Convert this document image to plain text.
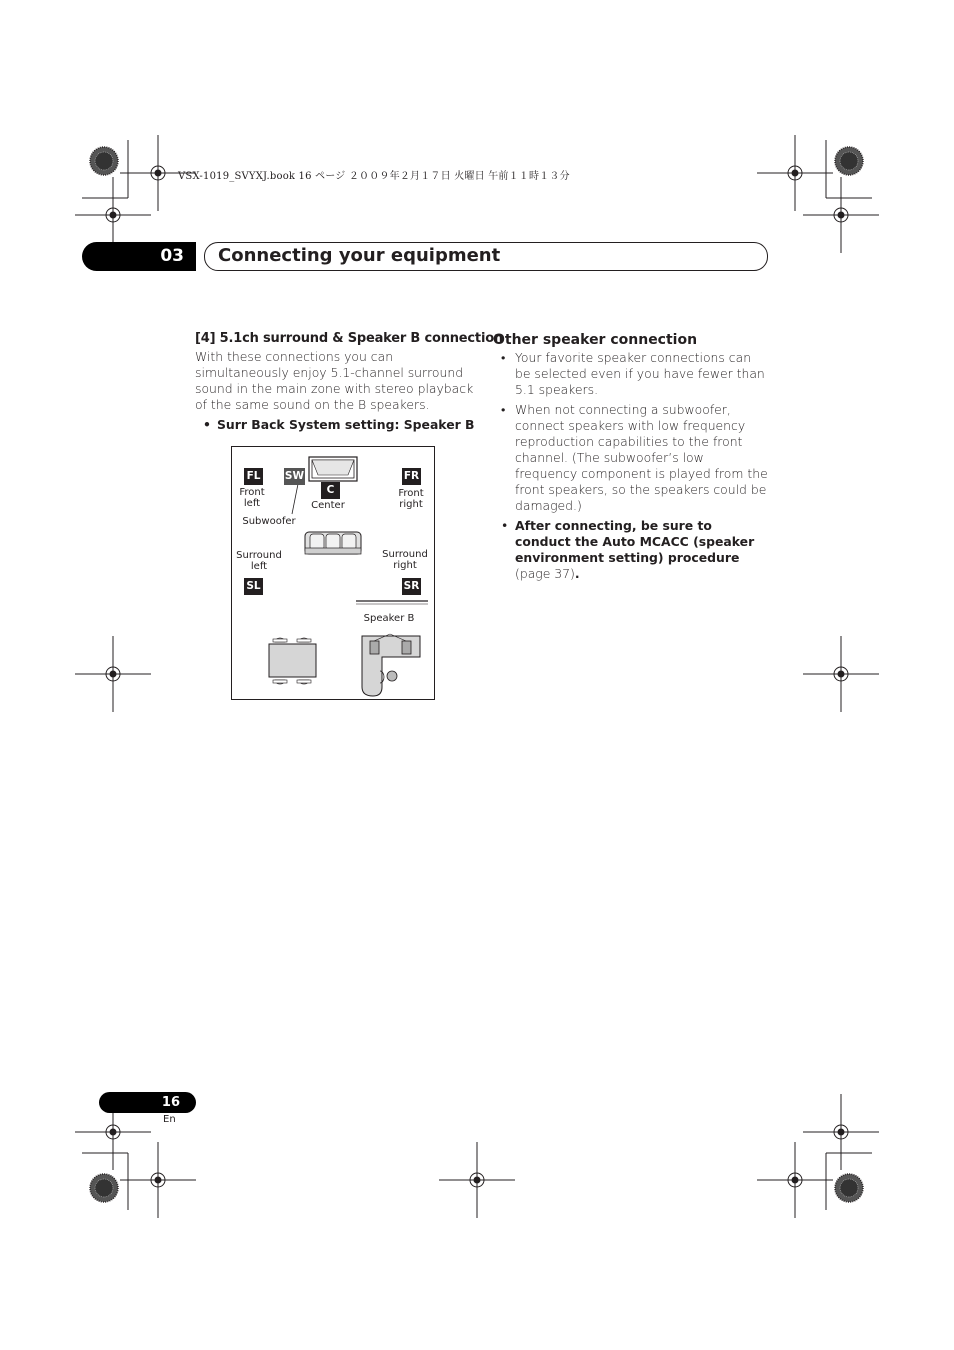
VSX-1019_SVYXJ.book 16 ページ ２００９年２月１７日 火曜日 午前１１時１３分
03	Connecting your equipment
[4] 5.1ch surround & Speaker B connection

With these connections you can simultaneously enjoy 5.1-channel surround sound in the main zone with stereo playback of the same sound on the B speakers.

• Surr Back System setting: Speaker B
FL SW
C
FR
SL	SR
Front
left
Front
right
Center
Subwoofer
Surround
left
Surround
right
Speaker B
Other speaker connection
• Your favorite speaker connections can be selected even if you have fewer than 5.1 speakers.
• When not connecting a subwoofer, connect speakers with low frequency reproduction capabilities to the front channel. (The subwoofer’s low frequency component is played from the front speakers, so the speakers could be damaged.)
• After connecting, be sure to conduct the Auto MCACC (speaker environment setting) procedure (page 37).
16
En
